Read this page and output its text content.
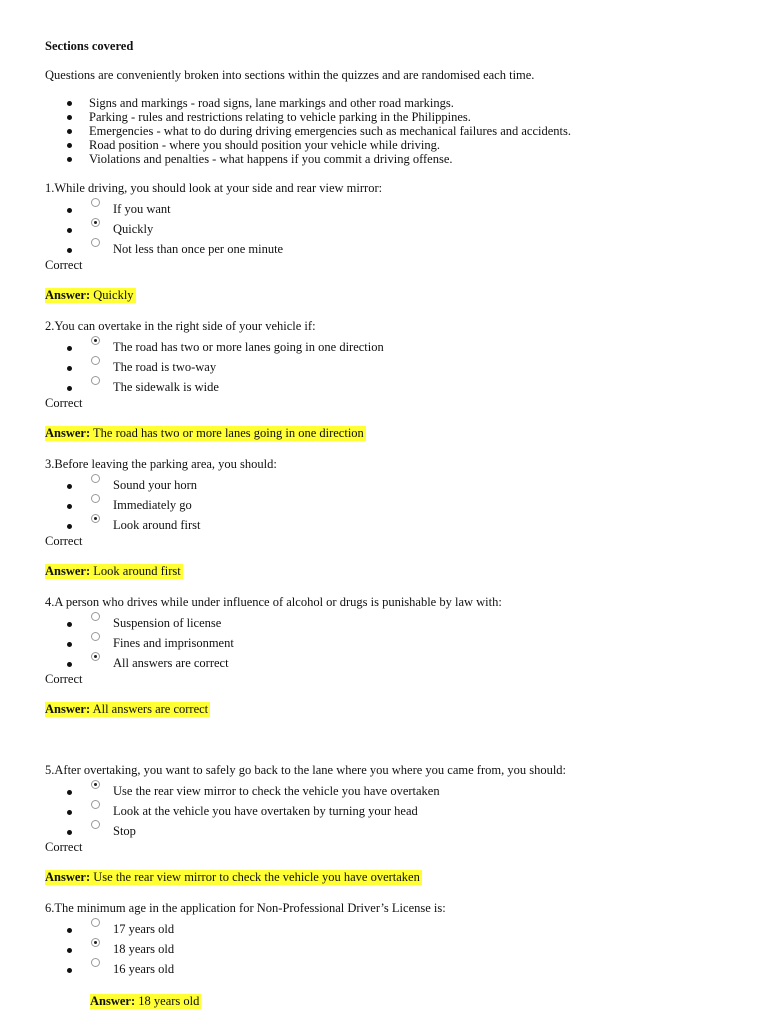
Sections covered
Questions are conveniently broken into sections within the quizzes and are randomised each time.
Signs and markings - road signs, lane markings and other road markings.
Parking - rules and restrictions relating to vehicle parking in the Philippines.
Emergencies - what to do during driving emergencies such as mechanical failures and accidents.
Road position - where you should position your vehicle while driving.
Violations and penalties - what happens if you commit a driving offense.
1.While driving, you should look at your side and rear view mirror:
If you want
Quickly
Not less than once per one minute
Correct
Answer: Quickly
2.You can overtake in the right side of your vehicle if:
The road has two or more lanes going in one direction
The road is two-way
The sidewalk is wide
Correct
Answer: The road has two or more lanes going in one direction
3.Before leaving the parking area, you should:
Sound your horn
Immediately go
Look around first
Correct
Answer: Look around first
4.A person who drives while under influence of alcohol or drugs is punishable by law with:
Suspension of license
Fines and imprisonment
All answers are correct
Correct
Answer: All answers are correct
5.After overtaking, you want to safely go back to the lane where you where you came from, you should:
Use the rear view mirror to check the vehicle you have overtaken
Look at the vehicle you have overtaken by turning your head
Stop
Correct
Answer: Use the rear view mirror to check the vehicle you have overtaken
6.The minimum age in the application for Non-Professional Driver’s License is:
17 years old
18 years old
16 years old
Answer: 18 years old
